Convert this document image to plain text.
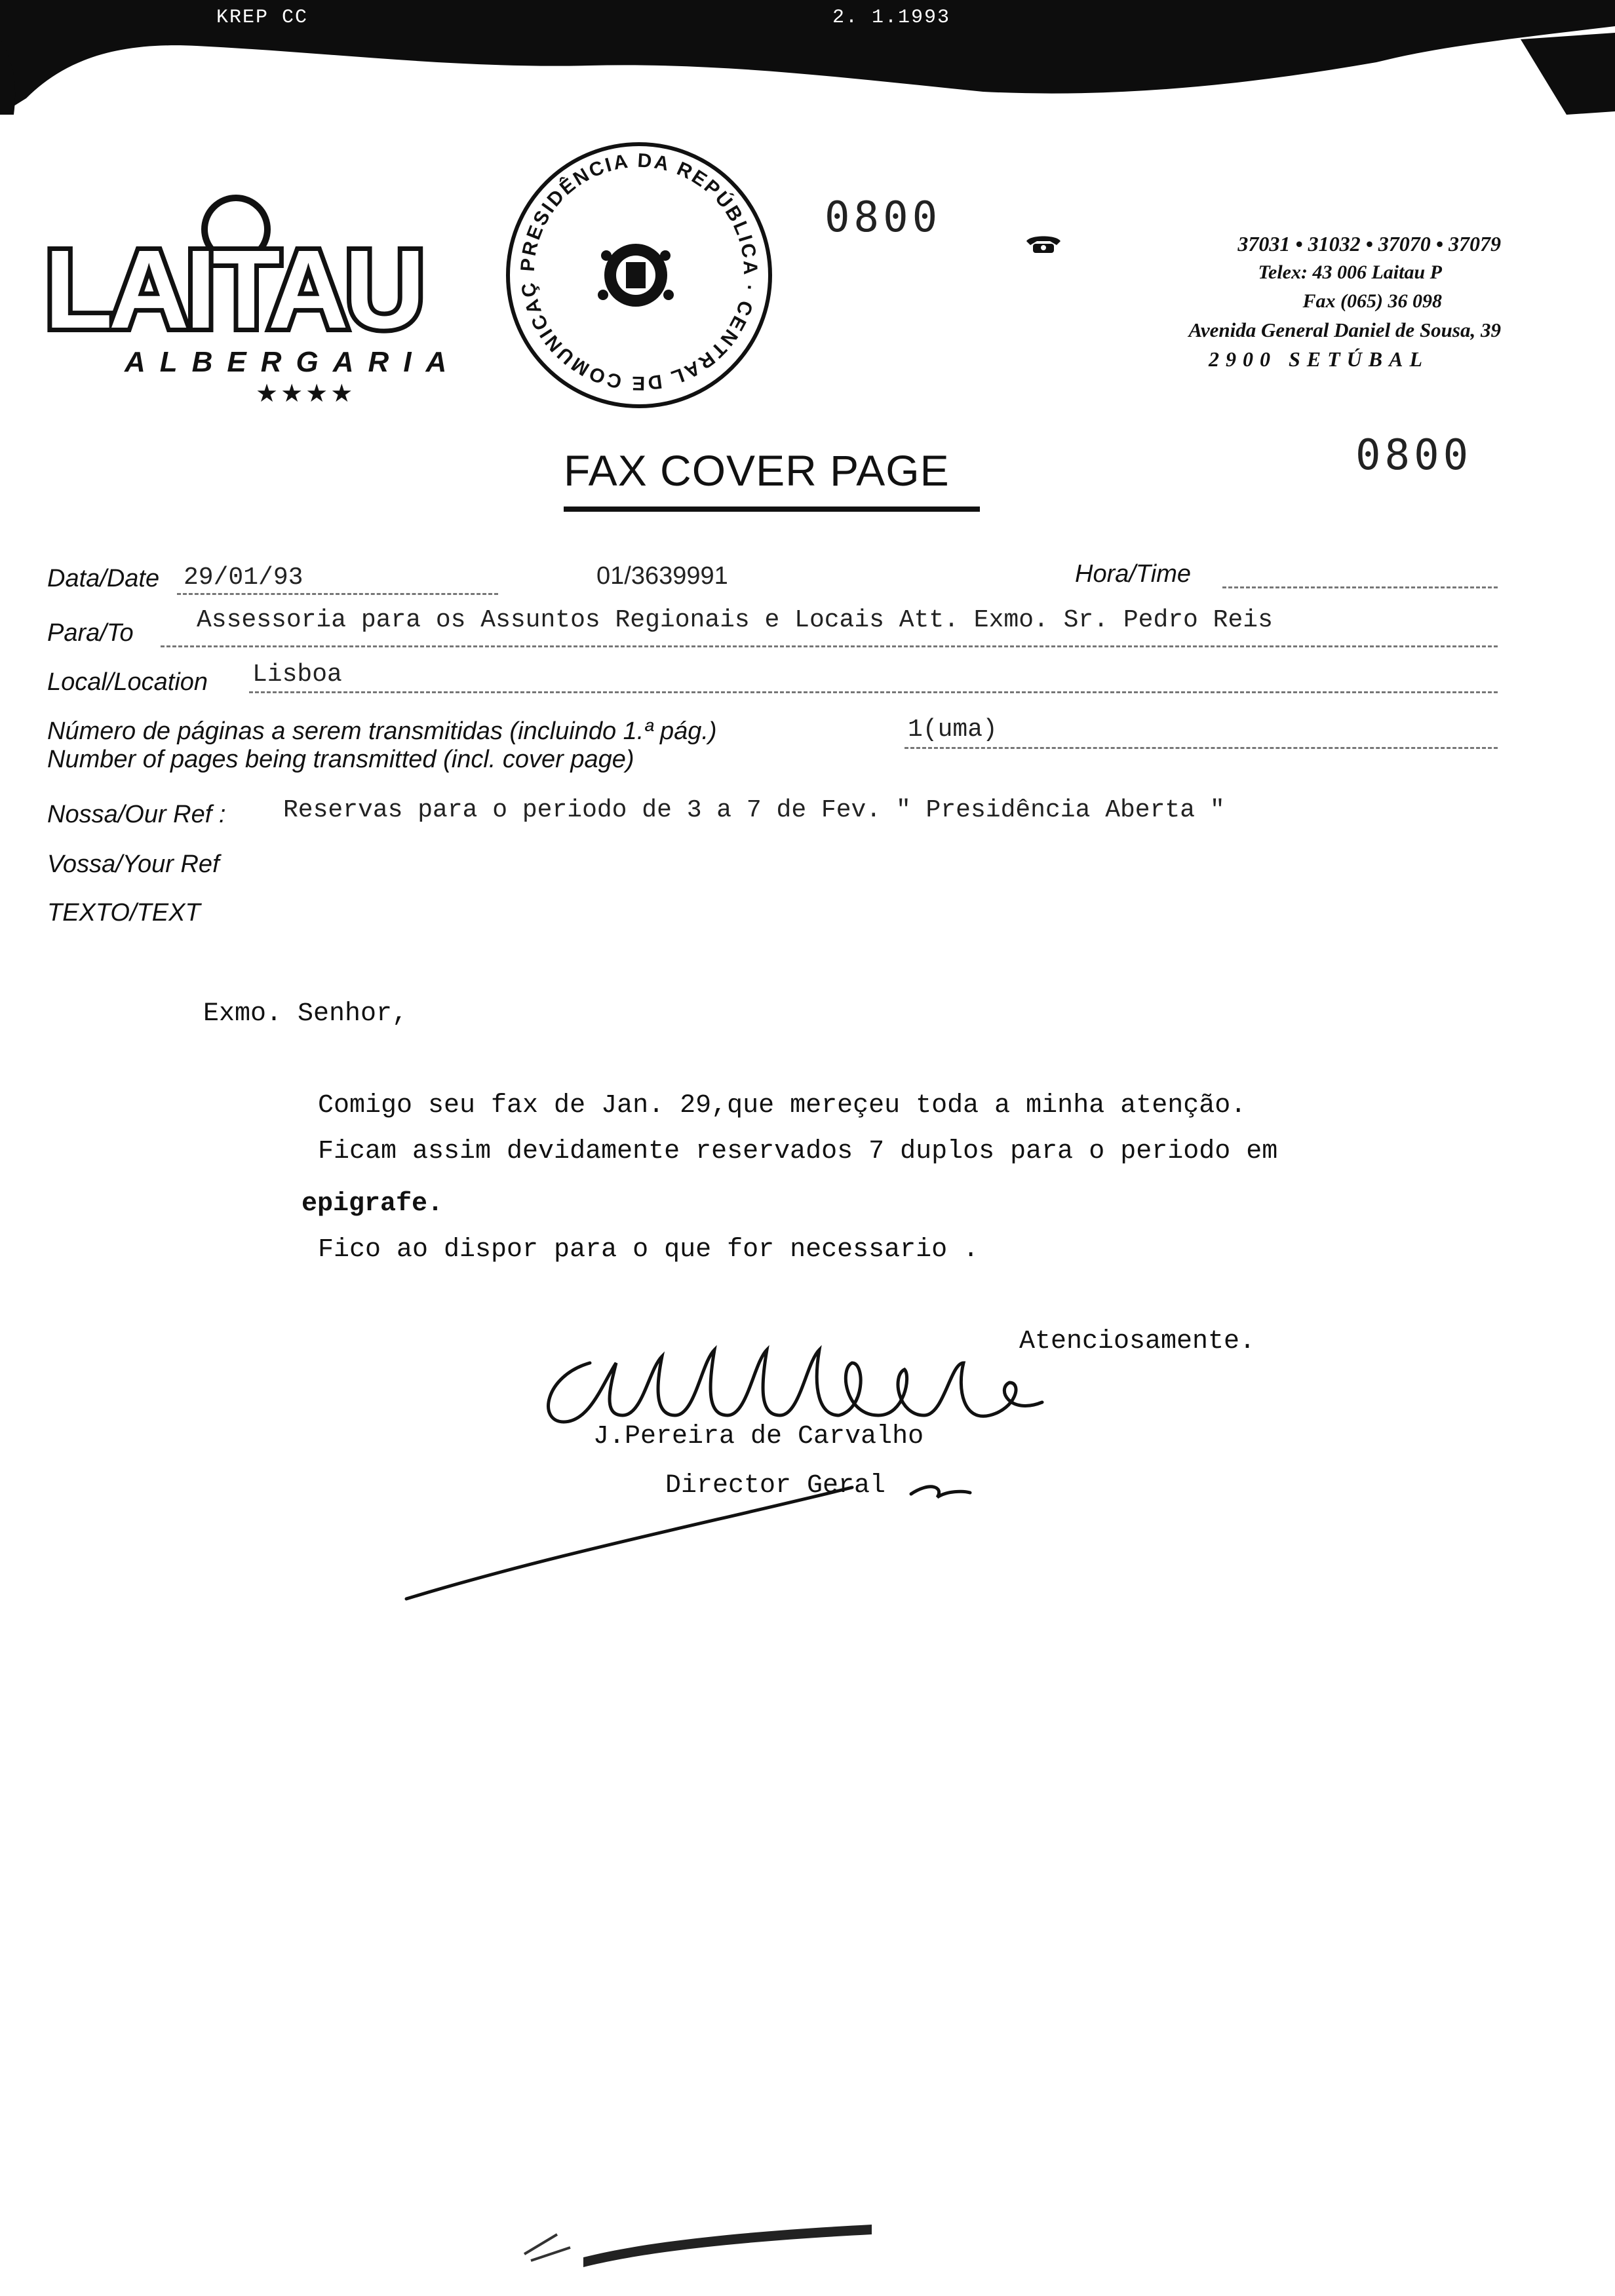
KREP CC	2. 1.1993
LAITAU
ALBERGARIA
★★★★
PRESIDÊNCIA DA REPÚBLICA · CENTRAL DE COMUNICAÇ
0800
0800
37031 • 31032 • 37070 • 37079
Telex: 43 006 Laitau P
Fax (065) 36 098
Avenida General Daniel de Sousa, 39
2900 SETÚBAL
FAX COVER PAGE
Data/Date 29/01/93	01/3639991	Hora/Time
Para/To	Assessoria para os Assuntos Regionais e Locais Att. Exmo. Sr. Pedro Reis
Local/Location Lisboa
Número de páginas a serem transmitidas (incluindo 1.ª pág.)
Number of pages being transmitted (incl. cover page)
1(uma)
Nossa/Our Ref : Reservas para o periodo de 3 a 7 de Fev. " Presidência Aberta "
Vossa/Your Ref
TEXTO/TEXT
Exmo. Senhor,
Comigo seu fax de Jan. 29,que mereçeu toda a minha atenção.
Ficam assim devidamente reservados 7 duplos para o periodo em
epigrafe.
Fico ao dispor para o que for necessario .
Atenciosamente.
J.Pereira de Carvalho
Director Geral
